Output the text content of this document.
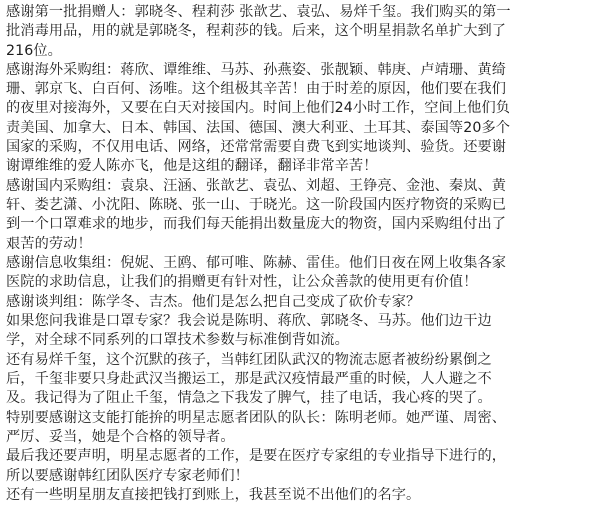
感谢第一批捐赠人：郭晓冬、程莉莎 张歆艺、袁弘、易烊千玺。我们购买的第一
批消毒用品，用的就是郭晓冬，程莉莎的钱。后来，这个明星捐款名单扩大到了
216位。
感谢海外采购组：蒋欣、谭维维、马苏、孙燕姿、张靓颖、韩庚、卢靖珊、黄绮
珊、郭京飞、白百何、汤唯。这个组极其辛苦！由于时差的原因，他们要在我们
的夜里对接海外，又要在白天对接国内。时间上他们24小时工作，空间上他们负
责美国、加拿大、日本、韩国、法国、德国、澳大利亚、土耳其、泰国等20多个
国家的采购，不仅用电话、网络，还常常需要自费飞到实地谈判、验货。还要谢
谢谭维维的爱人陈亦飞，他是这组的翻译，翻译非常辛苦！
感谢国内采购组：袁泉、汪涵、张歆艺、袁弘、刘超、王铮亮、金池、秦岚、黄
轩、娄艺潇、小沈阳、陈晓、张一山、于晓光。这一阶段国内医疗物资的采购已
到一个口罩难求的地步，而我们每天能捐出数量庞大的物资，国内采购组付出了
艰苦的劳动！
感谢信息收集组：倪妮、王鸥、郁可唯、陈赫、雷佳。他们日夜在网上收集各家
医院的求助信息，让我们的捐赠更有针对性，让公众善款的使用更有价值！
感谢谈判组：陈学冬、吉杰。他们是怎么把自己变成了砍价专家？
如果您问我谁是口罩专家？我会说是陈明、蒋欣、郭晓冬、马苏。他们边干边
学，对全球不同系列的口罩技术参数与标准倒背如流。
还有易烊千玺，这个沉默的孩子，当韩红团队武汉的物流志愿者被纷纷累倒之
后，千玺非要只身赴武汉当搬运工，那是武汉疫情最严重的时候，人人避之不
及。我记得为了阻止千玺，情急之下我发了脾气，挂了电话，我心疼的哭了。
特别要感谢这支能打能拚的明星志愿者团队的队长：陈明老师。她严谨、周密、
严厉、妥当，她是个合格的领导者。
最后我还要声明，明星志愿者的工作，是要在医疗专家组的专业指导下进行的，
所以要感谢韩红团队医疗专家老师们！
还有一些明星朋友直接把钱打到账上，我甚至说不出他们的名字。
